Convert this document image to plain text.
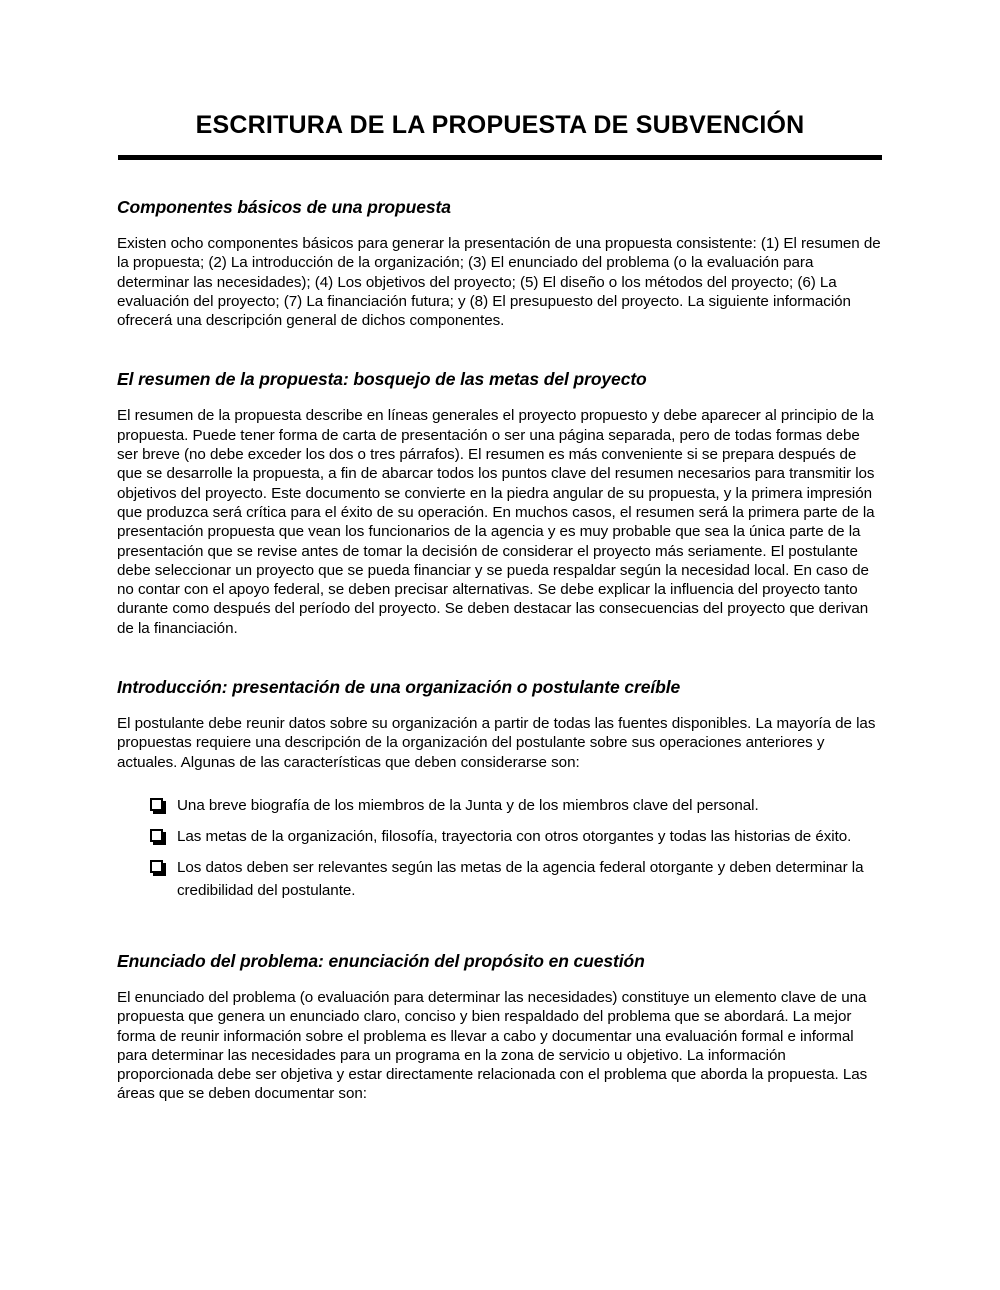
ESCRITURA DE LA PROPUESTA DE SUBVENCIÓN
Componentes básicos de una propuesta

Existen ocho componentes básicos para generar la presentación de una propuesta consistente: (1) El resumen de la propuesta; (2) La introducción de la organización; (3) El enunciado del problema (o la evaluación para determinar las necesidades); (4) Los objetivos del proyecto; (5) El diseño o los métodos del proyecto; (6) La evaluación del proyecto; (7) La financiación futura; y (8) El presupuesto del proyecto. La siguiente información ofrecerá una descripción general de dichos componentes.

El resumen de la propuesta: bosquejo de las metas del proyecto

El resumen de la propuesta describe en líneas generales el proyecto propuesto y debe aparecer al principio de la propuesta. Puede tener forma de carta de presentación o ser una página separada, pero de todas formas debe ser breve (no debe exceder los dos o tres párrafos). El resumen es más conveniente si se prepara después de que se desarrolle la propuesta, a fin de abarcar todos los puntos clave del resumen necesarios para transmitir los objetivos del proyecto. Este documento se convierte en la piedra angular de su propuesta, y la primera impresión que produzca será crítica para el éxito de su operación. En muchos casos, el resumen será la primera parte de la presentación propuesta que vean los funcionarios de la agencia y es muy probable que sea la única parte de la presentación que se revise antes de tomar la decisión de considerar el proyecto más seriamente. El postulante debe seleccionar un proyecto que se pueda financiar y se pueda respaldar según la necesidad local. En caso de no contar con el apoyo federal, se deben precisar alternativas. Se debe explicar la influencia del proyecto tanto durante como después del período del proyecto. Se deben destacar las consecuencias del proyecto que derivan de la financiación.

Introducción: presentación de una organización o postulante creíble

El postulante debe reunir datos sobre su organización a partir de todas las fuentes disponibles. La mayoría de las propuestas requiere una descripción de la organización del postulante sobre sus operaciones anteriores y actuales. Algunas de las características que deben considerarse son:

Una breve biografía de los miembros de la Junta y de los miembros clave del personal.
Las metas de la organización, filosofía, trayectoria con otros otorgantes y todas las historias de éxito.
Los datos deben ser relevantes según las metas de la agencia federal otorgante y deben determinar la credibilidad del postulante.
Enunciado del problema: enunciación del propósito en cuestión

El enunciado del problema (o evaluación para determinar las necesidades) constituye un elemento clave de una propuesta que genera un enunciado claro, conciso y bien respaldado del problema que se abordará. La mejor forma de reunir información sobre el problema es llevar a cabo y documentar una evaluación formal e informal para determinar las necesidades para un programa en la zona de servicio u objetivo. La información proporcionada debe ser objetiva y estar directamente relacionada con el problema que aborda la propuesta. Las áreas que se deben documentar son:
